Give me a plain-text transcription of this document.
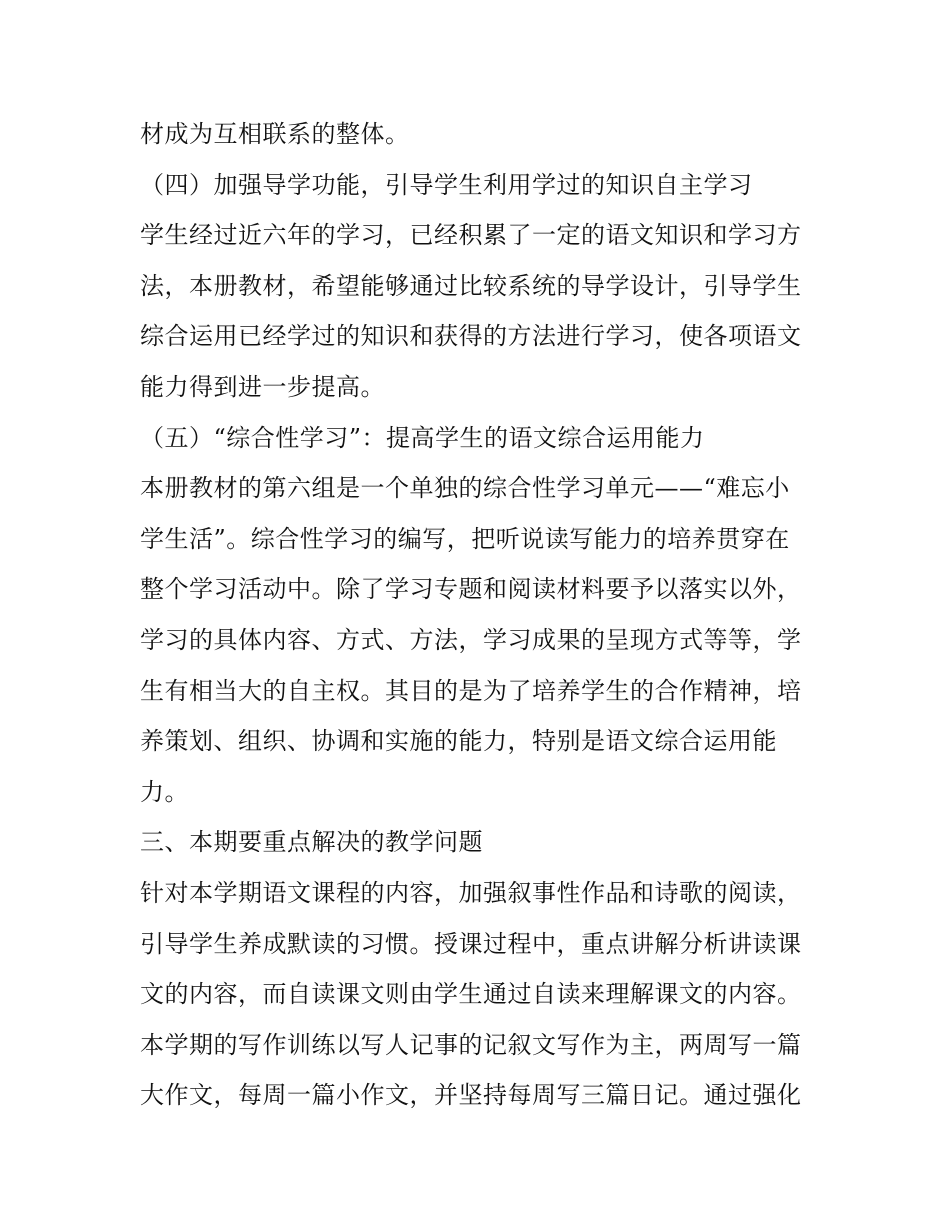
材成为互相联系的整体。
（四）加强导学功能，引导学生利用学过的知识自主学习
学生经过近六年的学习，已经积累了一定的语文知识和学习方
法，本册教材，希望能够通过比较系统的导学设计，引导学生
综合运用已经学过的知识和获得的方法进行学习，使各项语文
能力得到进一步提高。
（五）“综合性学习”：提高学生的语文综合运用能力
本册教材的第六组是一个单独的综合性学习单元——“难忘小
学生活”。综合性学习的编写，把听说读写能力的培养贯穿在
整个学习活动中。除了学习专题和阅读材料要予以落实以外，
学习的具体内容、方式、方法，学习成果的呈现方式等等，学
生有相当大的自主权。其目的是为了培养学生的合作精神，培
养策划、组织、协调和实施的能力，特别是语文综合运用能
力。
三、本期要重点解决的教学问题
针对本学期语文课程的内容，加强叙事性作品和诗歌的阅读，
引导学生养成默读的习惯。授课过程中，重点讲解分析讲读课
文的内容，而自读课文则由学生通过自读来理解课文的内容。
本学期的写作训练以写人记事的记叙文写作为主，两周写一篇
大作文，每周一篇小作文，并坚持每周写三篇日记。通过强化
